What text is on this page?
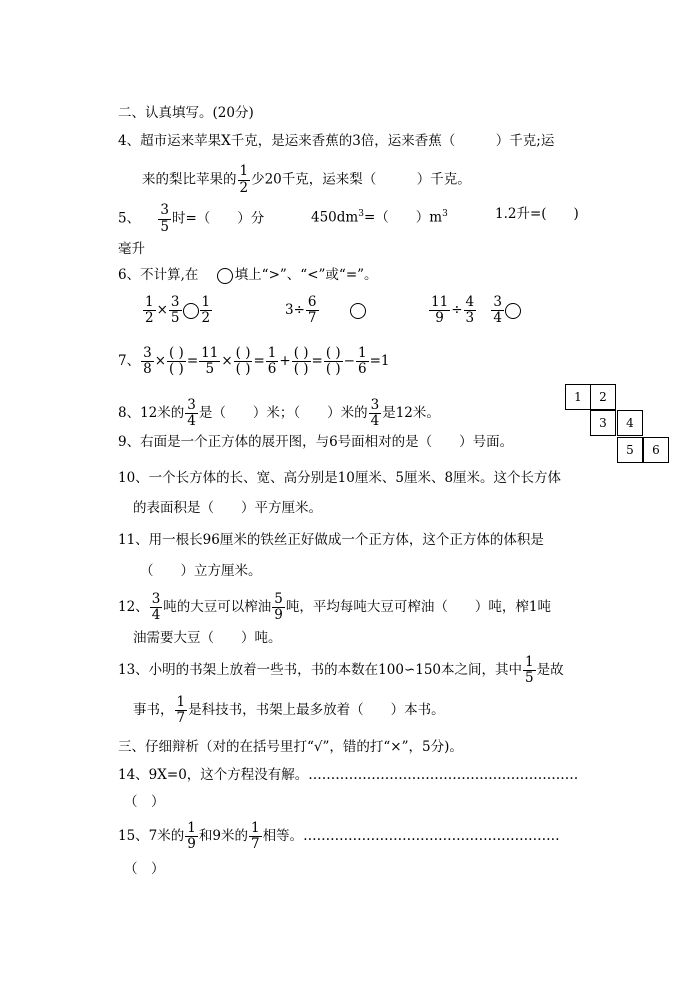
二、认真填写。(20分)
4、超市运来苹果X千克，是运来香蕉的3倍，运来香蕉（　　　）千克;运
来的梨比苹果的 $\frac{1}{2}$ 少20千克，运来梨（　　　）千克。
5、 $\frac{3}{5}$ 时=（　　）分	$450dm^3=$（　　）$m^3$	1.2升=(　　)
毫升
6、不计算,在	填上“>”、“<”或“=”。
$\frac{1}{2} \times \frac{3}{5} \frac{1}{2}$	$3\div \frac{6}{7}$
	$\frac{11}{9} \div \frac{4}{3}$
$\frac{3}{4}$
7、 $\frac{3}{8} \times \frac{( )}{( )} = \frac{11}{5} \times \frac{( )}{( )} = \frac{1}{6} + \frac{( )}{( )} = \frac{( )}{( )} - \frac{1}{6} =1$
1	2
3	4
5	6
8、12米的 $\frac{3}{4}$ 是（　　）米；（　　）米的 $\frac{3}{4}$ 是12米。
9、右面是一个正方体的展开图，与6号面相对的是（　　）号面。
10、一个长方体的长、宽、高分别是10厘米、5厘米、8厘米。这个长方体
的表面积是（　　）平方厘米。
11、用一根长96厘米的铁丝正好做成一个正方体，这个正方体的体积是
（　　）立方厘米。
12、 $\frac{3}{4}$ 吨的大豆可以榨油 $\frac{5}{9}$ 吨，平均每吨大豆可榨油（　　）吨，榨1吨
油需要大豆（　　）吨。
13、小明的书架上放着一些书，书的本数在100∽150本之间，其中 $\frac{1}{5}$ 是故
事书， $\frac{1}{7}$ 是科技书，书架上最多放着（　　）本书。
三、仔细辩析（对的在括号里打“√”，错的打“×”，5分)。
14、9X=0，这个方程没有解。……………………………………………………
（　）
15、7米的 $\frac{1}{9}$ 和9米的 $\frac{1}{7}$ 相等。…………………………………………………
（　）
